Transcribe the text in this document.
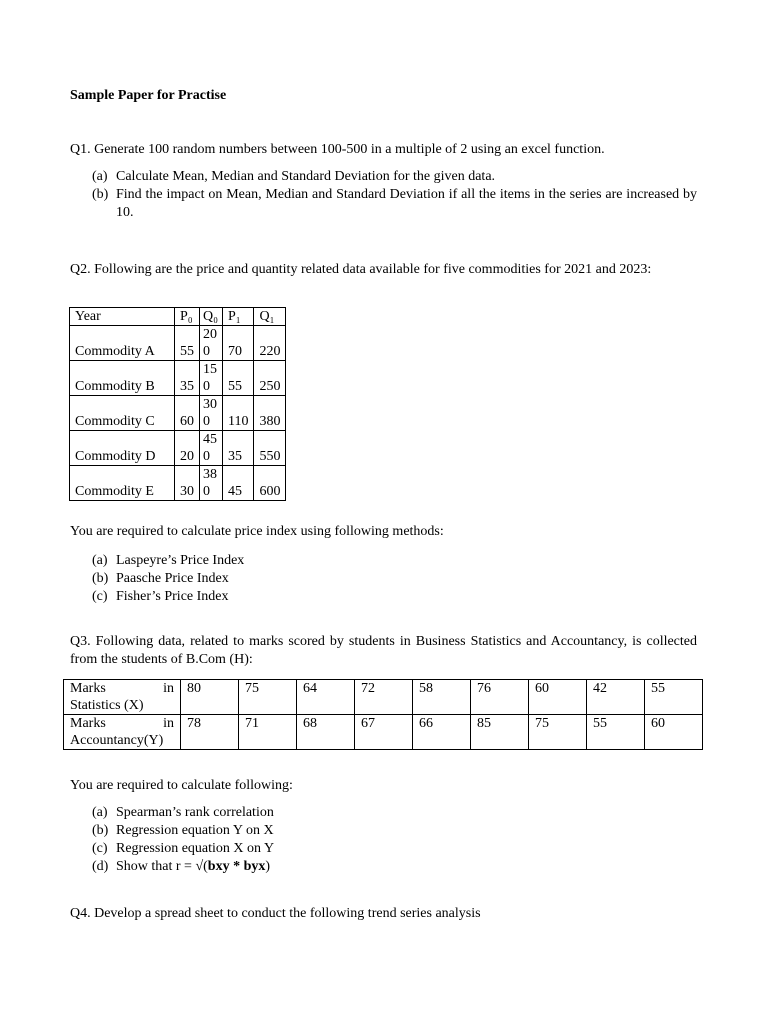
Sample Paper for Practise
Q1. Generate 100 random numbers between 100-500 in a multiple of 2 using an excel function.
(a) Calculate Mean, Median and Standard Deviation for the given data.
(b) Find the impact on Mean, Median and Standard Deviation if all the items in the series are increased by 10.
Q2. Following are the price and quantity related data available for five commodities for 2021 and 2023:
Year	P₀	Q₀	P₁	Q₁
Commodity A	55	200	70	220
Commodity B	35	150	55	250
Commodity C	60	300	110	380
Commodity D	20	450	35	550
Commodity E	30	380	45	600
You are required to calculate price index using following methods:
(a) Laspeyre’s Price Index
(b) Paasche Price Index
(c) Fisher’s Price Index
Q3. Following data, related to marks scored by students in Business Statistics and Accountancy, is collected from the students of B.Com (H):
Marks in
Statistics (X)	80	75	64	72	58	76	60	42	55

Marks in
Accountancy(Y)	78	71	68	67	66	85	75	55	60
You are required to calculate following:
(a) Spearman’s rank correlation
(b) Regression equation Y on X
(c) Regression equation X on Y
(d) Show that r = √(bxy * byx)
Q4. Develop a spread sheet to conduct the following trend series analysis
